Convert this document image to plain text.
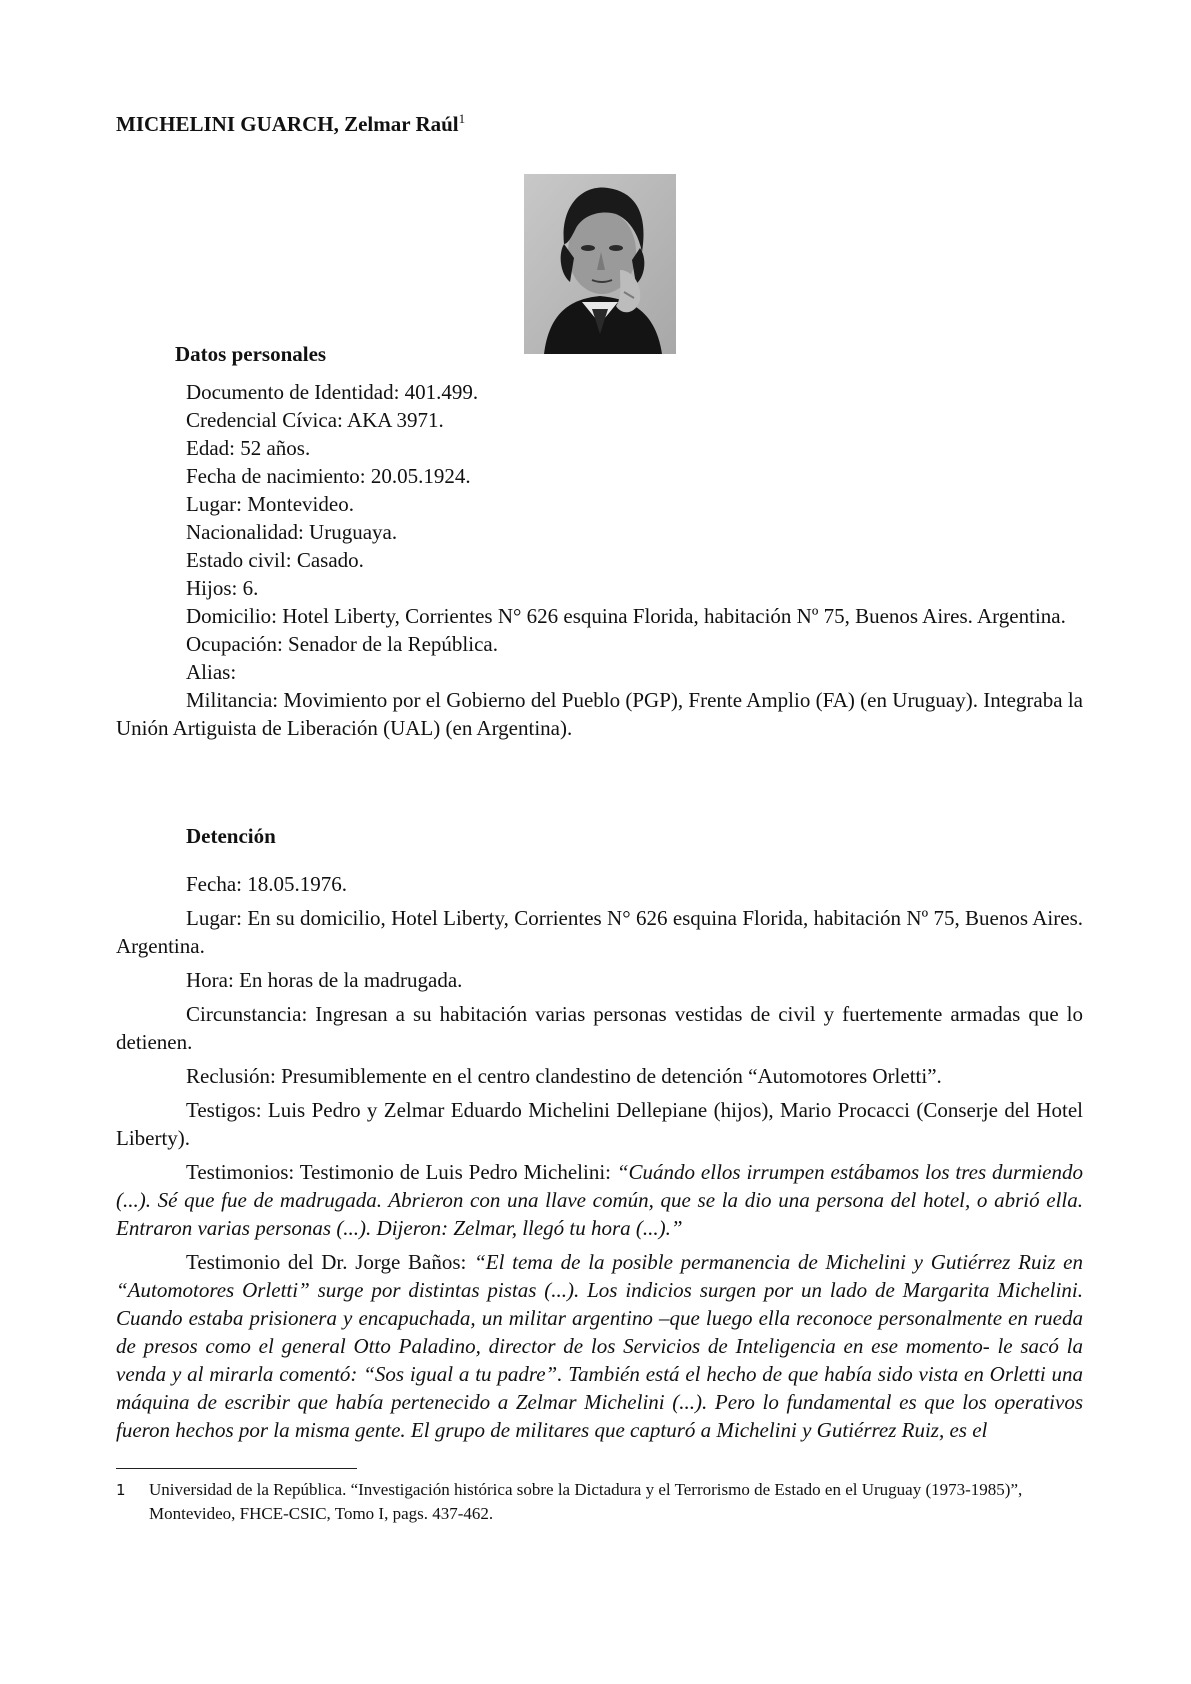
MICHELINI GUARCH, Zelmar Raúl$^1$
Datos personales

Documento de Identidad: 401.499.

Credencial Cívica: AKA 3971.

Edad: 52 años.

Fecha de nacimiento: 20.05.1924.

Lugar: Montevideo.

Nacionalidad: Uruguaya.

Estado civil: Casado.

Hijos: 6.

Domicilio: Hotel Liberty, Corrientes N° 626 esquina Florida, habitación Nº 75, Buenos Aires. Argentina.

Ocupación: Senador de la República.

Alias:

Militancia: Movimiento por el Gobierno del Pueblo (PGP), Frente Amplio (FA) (en Uruguay). Integraba la Unión Artiguista de Liberación (UAL) (en Argentina).

Detención

Fecha: 18.05.1976.

Lugar: En su domicilio, Hotel Liberty, Corrientes N° 626 esquina Florida, habitación Nº 75, Buenos Aires. Argentina.

Hora: En horas de la madrugada.

Circunstancia: Ingresan a su habitación varias personas vestidas de civil y fuertemente armadas que lo detienen.

Reclusión: Presumiblemente en el centro clandestino de detención “Automotores Orletti”.

Testigos: Luis Pedro y Zelmar Eduardo Michelini Dellepiane (hijos), Mario Procacci (Conserje del Hotel Liberty).

Testimonios: Testimonio de Luis Pedro Michelini: “Cuándo ellos irrumpen estábamos los tres durmiendo (...). Sé que fue de madrugada. Abrieron con una llave común, que se la dio una persona del hotel, o abrió ella. Entraron varias personas (...). Dijeron: Zelmar, llegó tu hora (...).”

Testimonio del Dr. Jorge Baños: “El tema de la posible permanencia de Michelini y Gutiérrez Ruiz en “Automotores Orletti” surge por distintas pistas (...). Los indicios surgen por un lado de Margarita Michelini. Cuando estaba prisionera y encapuchada, un militar argentino –que luego ella reconoce personalmente en rueda de presos como el general Otto Paladino, director de los Servicios de Inteligencia en ese momento- le sacó la venda y al mirarla comentó: “Sos igual a tu padre”. También está el hecho de que había sido vista en Orletti una máquina de escribir que había pertenecido a Zelmar Michelini (...). Pero lo fundamental es que los operativos fueron hechos por la misma gente. El grupo de militares que capturó a Michelini y Gutiérrez Ruiz, es el

1 Universidad de la República. “Investigación histórica sobre la Dictadura y el Terrorismo de Estado en el Uruguay (1973-1985)”, Montevideo, FHCE-CSIC, Tomo I, pags. 437-462.
